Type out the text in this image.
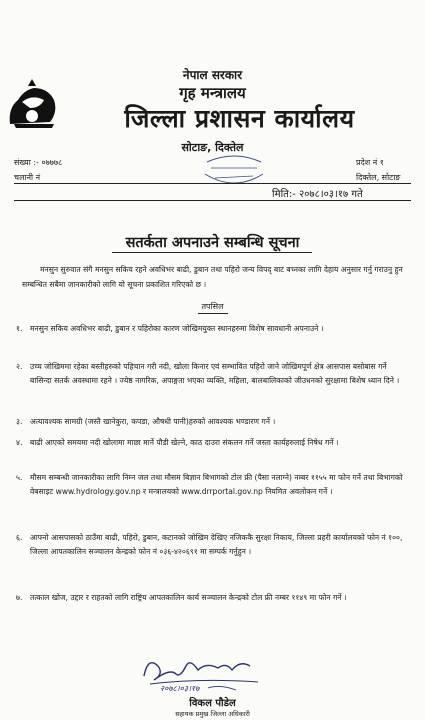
नेपाल सरकार
गृह मन्त्रालय
जिल्ला प्रशासन कार्यालय
सोटाङ, दिक्तेल
संख्या :- ०७७७८
चलानी नं
प्रदेश नं १
दिक्तेल, सोटाङ
मिति:- २०७८।०३।१७ गते
सतर्कता अपनाउने सम्बन्धि सूचना
मनसुन सुरुवात संगै मनसुन सकिय रहने अवधिभर बाढी, डुबान तथा पहिरो जन्य विपद् बाट बच्नका लागि देहाय अनुसार गर्नु गराउनु हुन सम्बन्धित सबैमा जानकारीको लागि यो सूचना प्रकाशित गरिएको छ ।
तपसिल
१. मनसुन सकिय अवधिभर बाढी, डुबान र पहिरोका कारण जोखिमयुक्त स्थानहरुमा विशेष सावधानी अपनाउने ।
२. उच्च जोखिममा रहेका बस्तीहरुको पहिचान गरी नदी, खोला किनार एवं सम्भावित पहिरो जाने जोखिमपूर्ण क्षेत्र आसपास बसोबास गर्ने बासिन्दा सतर्क अवस्थामा रहने । ज्येष्ठ नागरिक, अपाङ्गता भएका व्यक्ति, महिला, बालबालिकाको जीउधनको सुरक्षामा बिशेष ध्यान दिने ।
३. अत्यावश्यक सामग्री (जस्तै खानेकुरा, कपडा, औषधी पानी)हरुको आवश्यक भण्डारण गर्ने ।
४. बाढी आएको समयमा नदी खोलामा माछा मार्ने पौडी खेल्ने, काठ दाउरा संकलन गर्ने जस्ता कार्यहरुलाई निषेध गर्ने ।
५. मौसम सम्बन्धी जानकारीका लागि निम्न जल तथा मौसम बिज्ञान बिभागको टोल फ्री (पैसा नलाग्ने) नम्बर ११५५ मा फोन गर्ने तथा बिभागको वेबसाइट www.hydrology.gov.np र मन्त्रालयको www.drrportal.gov.np नियमित अवलोकन गर्ने ।
६. आफ्नो आसपासको ठाउँमा बाढी, पहिरो, डुबान, कटानको जोखिम देखिए नजिककै सुरक्षा निकाय, जिल्ला प्रहरी कार्यालयको फोन नं १००, जिल्ला आपतकालिन सञ्चालन केन्द्रको फोन नं ०३६-४२०६९१ मा सम्पर्क गर्नुहुन ।
७. तत्काल खोज, उद्दार र राहतको लागि राष्ट्रिय आपतकालिन कार्य सञ्चालन केन्द्रको टोल फ्री नम्बर ११४९ मा फोन गर्ने ।
२०७८।०३।१७
विकल पौडेल
सहायक प्रमुख जिल्ला अधिकारी
